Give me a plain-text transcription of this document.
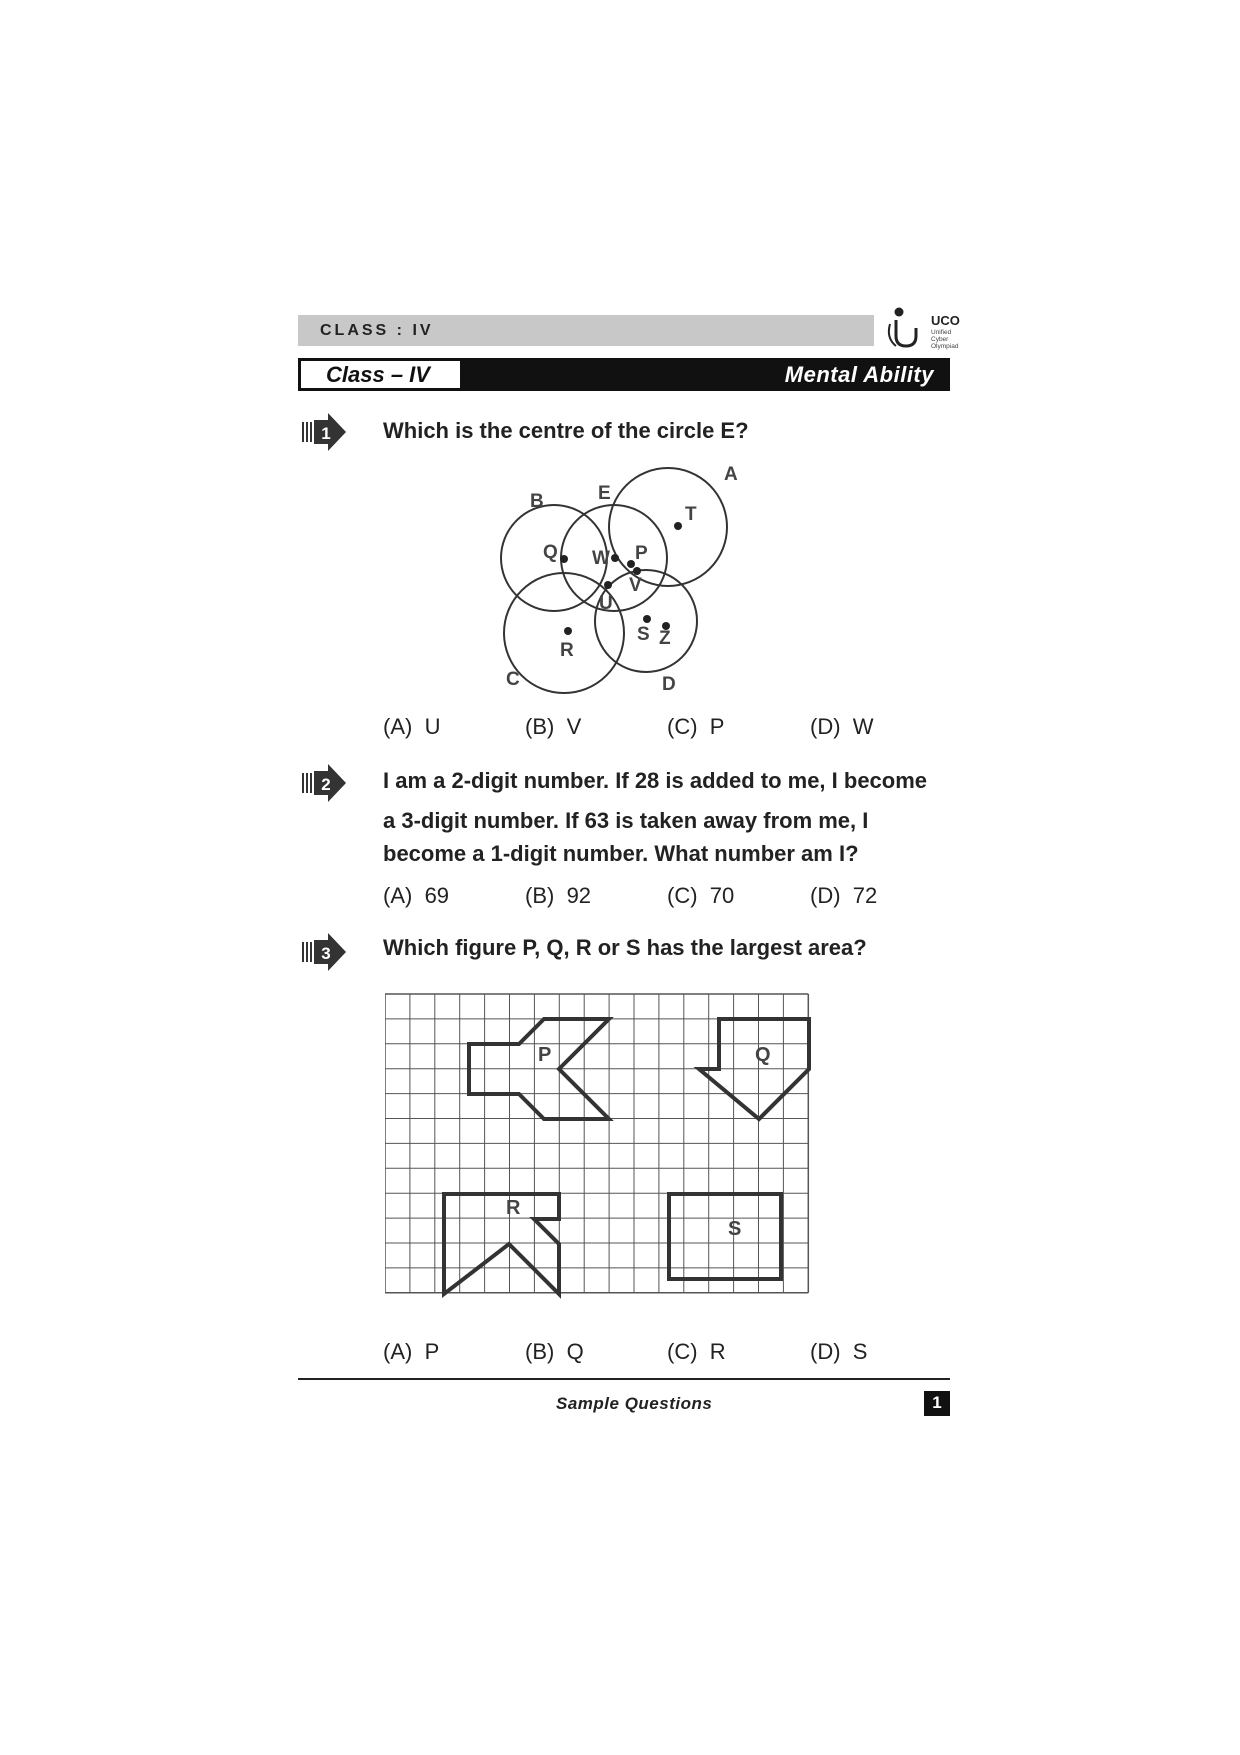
CLASS : IV
UCO
Unified
Cyber
Olympiad
Class – IV	Mental Ability
1 Which is the centre of the circle E?
A
B
C	D
E
Q W P
V
U
R
S Z
T
(A) U	(B) V	(C) P	(D) W
2 I am a 2-digit number. If 28 is added to me, I become
a 3-digit number. If 63 is taken away from me, I
become a 1-digit number. What number am I?
(A) 69	(B) 92	(C) 70	(D) 72
3 Which figure P, Q, R or S has the largest area?
P	Q
R
S
(A) P	(B) Q	(C) R	(D) S
Sample Questions	1
